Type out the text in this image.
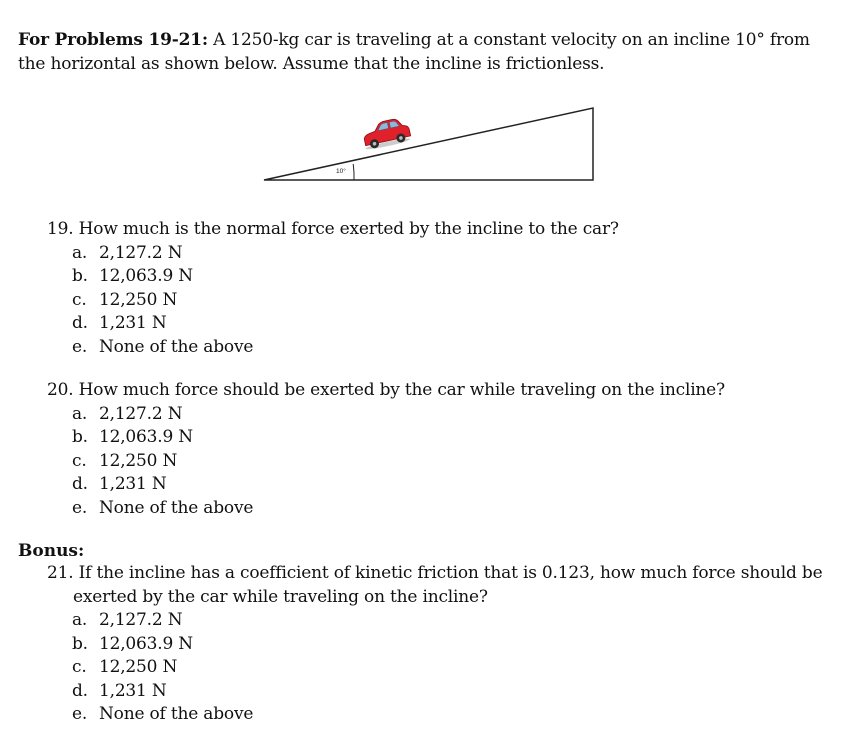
For Problems 19-21: A 1250-kg car is traveling at a constant velocity on an incline 10° from the horizontal as shown below. Assume that the incline is frictionless.
10°

19. How much is the normal force exerted by the incline to the car?

a. 2,127.2 N
b. 12,063.9 N
c. 12,250 N
d. 1,231 N
e. None of the above

20. How much force should be exerted by the car while traveling on the incline?

a. 2,127.2 N
b. 12,063.9 N
c. 12,250 N
d. 1,231 N
e. None of the above
Bonus:

21. If the incline has a coefficient of kinetic friction that is 0.123, how much force should be exerted by the car while traveling on the incline?

a. 2,127.2 N
b. 12,063.9 N
c. 12,250 N
d. 1,231 N
e. None of the above
